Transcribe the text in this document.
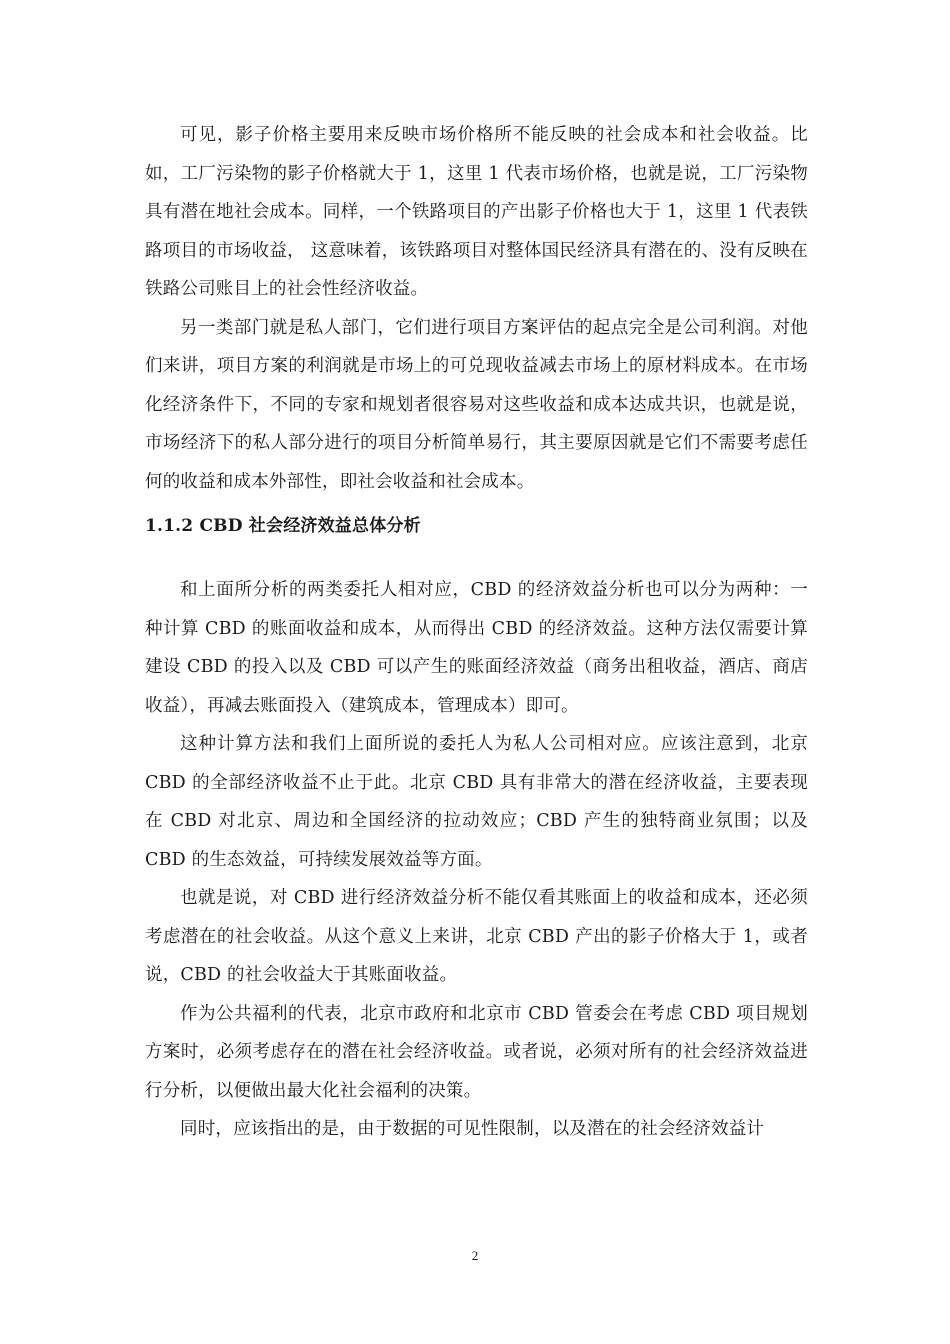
可见，影子价格主要用来反映市场价格所不能反映的社会成本和社会收益。比如，工厂污染物的影子价格就大于 1，这里 1 代表市场价格，也就是说，工厂污染物具有潜在地社会成本。同样，一个铁路项目的产出影子价格也大于 1，这里 1 代表铁路项目的市场收益， 这意味着，该铁路项目对整体国民经济具有潜在的、没有反映在铁路公司账目上的社会性经济收益。

另一类部门就是私人部门，它们进行项目方案评估的起点完全是公司利润。对他们来讲，项目方案的利润就是市场上的可兑现收益减去市场上的原材料成本。在市场化经济条件下，不同的专家和规划者很容易对这些收益和成本达成共识，也就是说，市场经济下的私人部分进行的项目分析简单易行，其主要原因就是它们不需要考虑任何的收益和成本外部性，即社会收益和社会成本。

1.1.2 CBD 社会经济效益总体分析

和上面所分析的两类委托人相对应，CBD 的经济效益分析也可以分为两种：一种计算 CBD 的账面收益和成本，从而得出 CBD 的经济效益。这种方法仅需要计算建设 CBD 的投入以及 CBD 可以产生的账面经济效益（商务出租收益，酒店、商店收益），再减去账面投入（建筑成本，管理成本）即可。

这种计算方法和我们上面所说的委托人为私人公司相对应。应该注意到，北京 CBD 的全部经济收益不止于此。北京 CBD 具有非常大的潜在经济收益，主要表现在 CBD 对北京、周边和全国经济的拉动效应；CBD 产生的独特商业氛围；以及 CBD 的生态效益，可持续发展效益等方面。

也就是说，对 CBD 进行经济效益分析不能仅看其账面上的收益和成本，还必须考虑潜在的社会收益。从这个意义上来讲，北京 CBD 产出的影子价格大于 1，或者说，CBD 的社会收益大于其账面收益。

作为公共福利的代表，北京市政府和北京市 CBD 管委会在考虑 CBD 项目规划方案时，必须考虑存在的潜在社会经济收益。或者说，必须对所有的社会经济效益进行分析，以便做出最大化社会福利的决策。

同时，应该指出的是，由于数据的可见性限制，以及潜在的社会经济效益计

2
